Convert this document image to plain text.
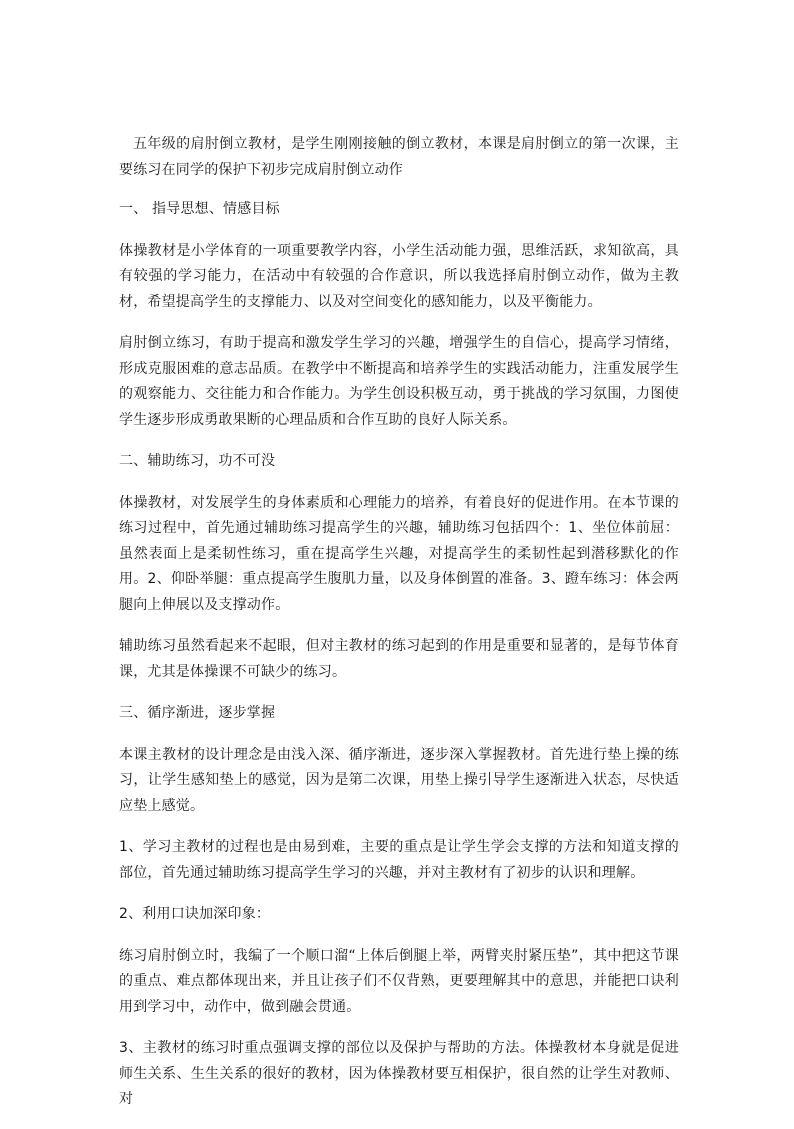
五年级的肩肘倒立教材，是学生刚刚接触的倒立教材，本课是肩肘倒立的第一次课，主要练习在同学的保护下初步完成肩肘倒立动作

一、 指导思想、情感目标

体操教材是小学体育的一项重要教学内容，小学生活动能力强，思维活跃，求知欲高，具有较强的学习能力，在活动中有较强的合作意识，所以我选择肩肘倒立动作，做为主教材，希望提高学生的支撑能力、以及对空间变化的感知能力，以及平衡能力。

肩肘倒立练习，有助于提高和激发学生学习的兴趣，增强学生的自信心，提高学习情绪，形成克服困难的意志品质。在教学中不断提高和培养学生的实践活动能力，注重发展学生的观察能力、交往能力和合作能力。为学生创设积极互动，勇于挑战的学习氛围，力图使学生逐步形成勇敢果断的心理品质和合作互助的良好人际关系。

二、辅助练习，功不可没

体操教材，对发展学生的身体素质和心理能力的培养，有着良好的促进作用。在本节课的练习过程中，首先通过辅助练习提高学生的兴趣，辅助练习包括四个：1、坐位体前屈：虽然表面上是柔韧性练习，重在提高学生兴趣，对提高学生的柔韧性起到潜移默化的作用。2、仰卧举腿：重点提高学生腹肌力量，以及身体倒置的准备。3、蹬车练习：体会两腿向上伸展以及支撑动作。

辅助练习虽然看起来不起眼，但对主教材的练习起到的作用是重要和显著的，是每节体育课，尤其是体操课不可缺少的练习。

三、循序渐进，逐步掌握

本课主教材的设计理念是由浅入深、循序渐进，逐步深入掌握教材。首先进行垫上操的练习，让学生感知垫上的感觉，因为是第二次课，用垫上操引导学生逐渐进入状态，尽快适应垫上感觉。

1、学习主教材的过程也是由易到难，主要的重点是让学生学会支撑的方法和知道支撑的部位，首先通过辅助练习提高学生学习的兴趣，并对主教材有了初步的认识和理解。

2、利用口诀加深印象：

练习肩肘倒立时，我编了一个顺口溜“上体后倒腿上举，两臂夹肘紧压垫”，其中把这节课的重点、难点都体现出来，并且让孩子们不仅背熟，更要理解其中的意思，并能把口诀利用到学习中，动作中，做到融会贯通。

3、主教材的练习时重点强调支撑的部位以及保护与帮助的方法。体操教材本身就是促进师生关系、生生关系的很好的教材，因为体操教材要互相保护，很自然的让学生对教师、对
